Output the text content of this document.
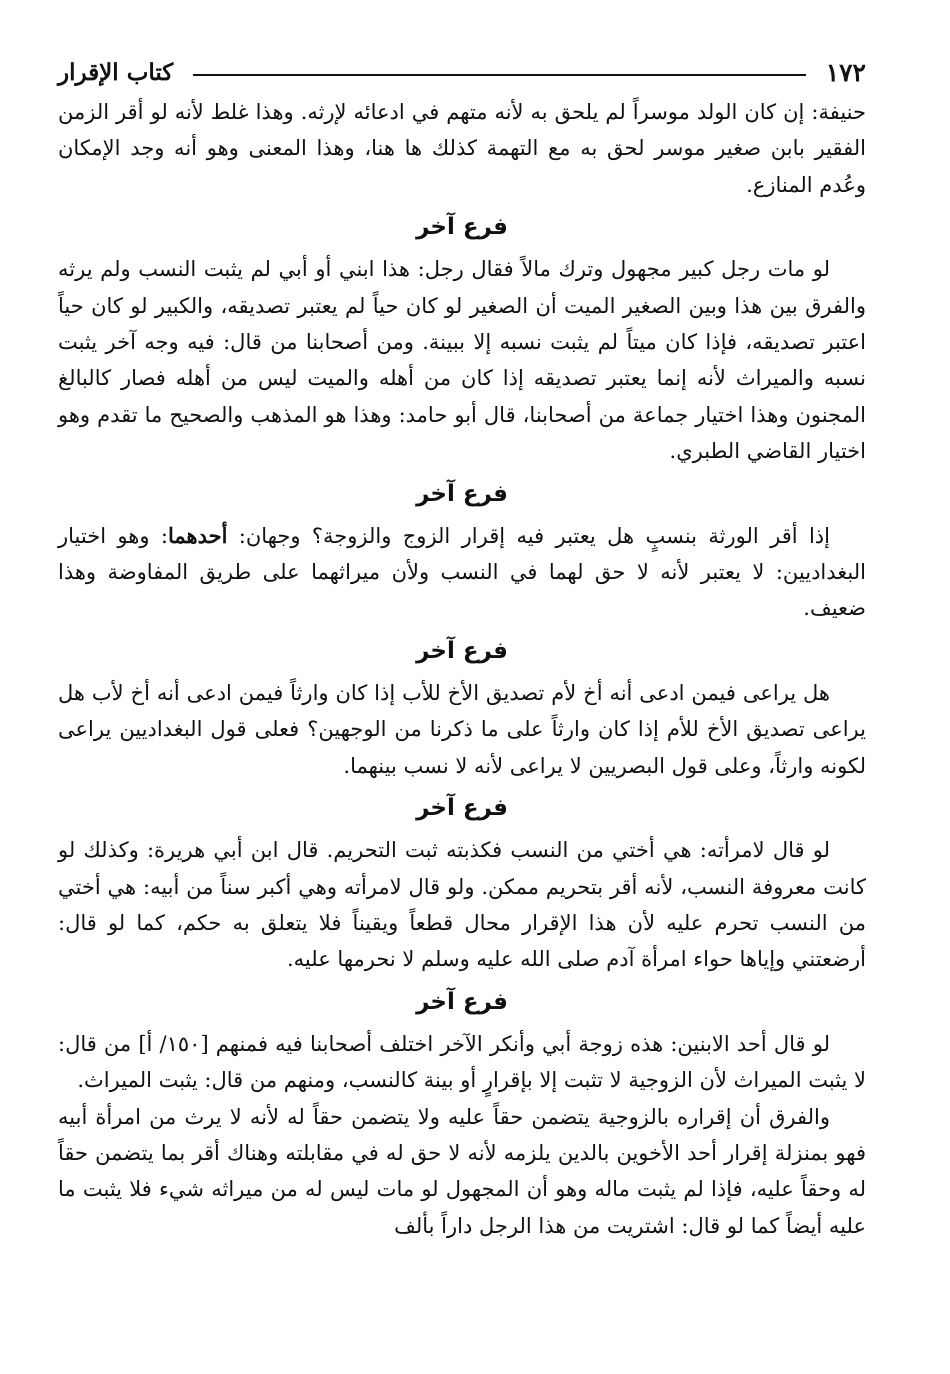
١٧٢
كتاب الإقرار

حنيفة: إن كان الولد موسراً لم يلحق به لأنه متهم في ادعائه لإرثه. وهذا غلط لأنه لو أقر الزمن الفقير بابن صغير موسر لحق به مع التهمة كذلك ها هنا، وهذا المعنى وهو أنه وجد الإمكان وعُدم المنازع.

فرع آخر

لو مات رجل كبير مجهول وترك مالاً فقال رجل: هذا ابني أو أبي لم يثبت النسب ولم يرثه والفرق بين هذا وبين الصغير الميت أن الصغير لو كان حياً لم يعتبر تصديقه، والكبير لو كان حياً اعتبر تصديقه، فإذا كان ميتاً لم يثبت نسبه إلا ببينة. ومن أصحابنا من قال: فيه وجه آخر يثبت نسبه والميراث لأنه إنما يعتبر تصديقه إذا كان من أهله والميت ليس من أهله فصار كالبالغ المجنون وهذا اختيار جماعة من أصحابنا، قال أبو حامد: وهذا هو المذهب والصحيح ما تقدم وهو اختيار القاضي الطبري.

فرع آخر

إذا أقر الورثة بنسبٍ هل يعتبر فيه إقرار الزوج والزوجة؟ وجهان: أحدهما: وهو اختيار البغداديين: لا يعتبر لأنه لا حق لهما في النسب ولأن ميراثهما على طريق المفاوضة وهذا ضعيف.

فرع آخر

هل يراعى فيمن ادعى أنه أخ لأم تصديق الأخ للأب إذا كان وارثاً فيمن ادعى أنه أخ لأب هل يراعى تصديق الأخ للأم إذا كان وارثاً على ما ذكرنا من الوجهين؟ فعلى قول البغداديين يراعى لكونه وارثاً، وعلى قول البصريين لا يراعى لأنه لا نسب بينهما.

فرع آخر

لو قال لامرأته: هي أختي من النسب فكذبته ثبت التحريم. قال ابن أبي هريرة: وكذلك لو كانت معروفة النسب، لأنه أقر بتحريم ممكن. ولو قال لامرأته وهي أكبر سناً من أبيه: هي أختي من النسب تحرم عليه لأن هذا الإقرار محال قطعاً ويقيناً فلا يتعلق به حكم، كما لو قال: أرضعتني وإياها حواء امرأة آدم صلى الله عليه وسلم لا نحرمها عليه.

فرع آخر

لو قال أحد الابنين: هذه زوجة أبي وأنكر الآخر اختلف أصحابنا فيه فمنهم [١٥٠/ أ] من قال: لا يثبت الميراث لأن الزوجية لا تثبت إلا بإقرارٍ أو بينة كالنسب، ومنهم من قال: يثبت الميراث.

والفرق أن إقراره بالزوجية يتضمن حقاً عليه ولا يتضمن حقاً له لأنه لا يرث من امرأة أبيه فهو بمنزلة إقرار أحد الأخوين بالدين يلزمه لأنه لا حق له في مقابلته وهناك أقر بما يتضمن حقاً له وحقاً عليه، فإذا لم يثبت ماله وهو أن المجهول لو مات ليس له من ميراثه شيء فلا يثبت ما عليه أيضاً كما لو قال: اشتريت من هذا الرجل داراً بألف
